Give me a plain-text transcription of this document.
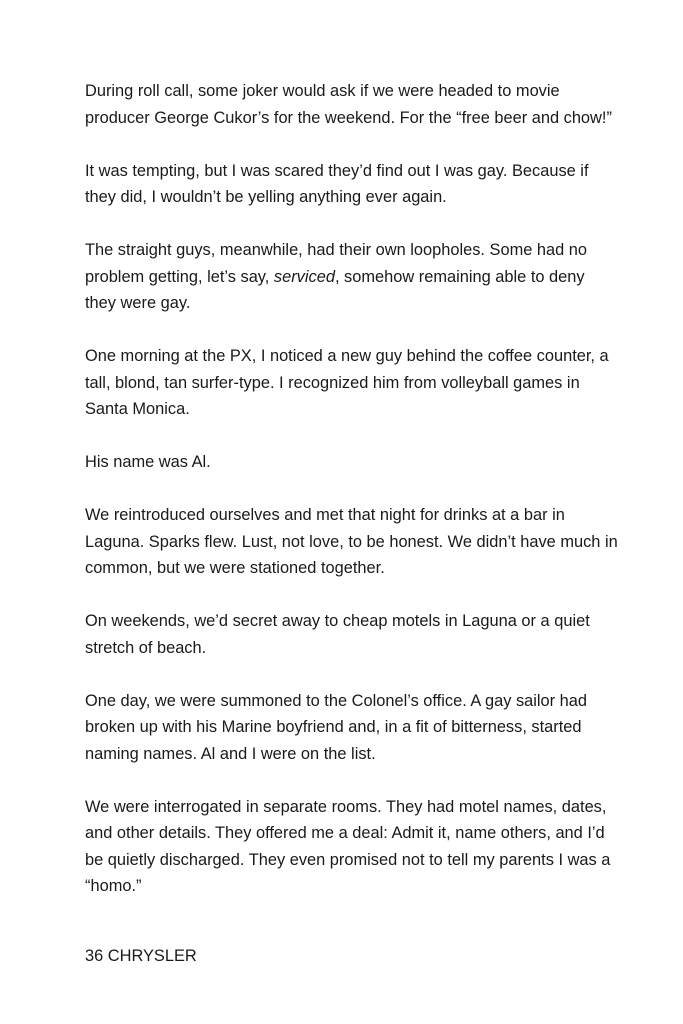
During roll call, some joker would ask if we were headed to movie producer George Cukor’s for the weekend. For the “free beer and chow!”

It was tempting, but I was scared they’d find out I was gay. Because if they did, I wouldn’t be yelling anything ever again.

The straight guys, meanwhile, had their own loopholes. Some had no problem getting, let’s say, serviced, somehow remaining able to deny they were gay.

One morning at the PX, I noticed a new guy behind the coffee counter, a tall, blond, tan surfer-type. I recognized him from volleyball games in Santa Monica.

His name was Al.

We reintroduced ourselves and met that night for drinks at a bar in Laguna. Sparks flew. Lust, not love, to be honest. We didn’t have much in common, but we were stationed together.

On weekends, we’d secret away to cheap motels in Laguna or a quiet stretch of beach.

One day, we were summoned to the Colonel’s office. A gay sailor had broken up with his Marine boyfriend and, in a fit of bitterness, started naming names. Al and I were on the list.

We were interrogated in separate rooms. They had motel names, dates, and other details. They offered me a deal: Admit it, name others, and I’d be quietly discharged. They even promised not to tell my parents I was a “homo.”

36 CHRYSLER
